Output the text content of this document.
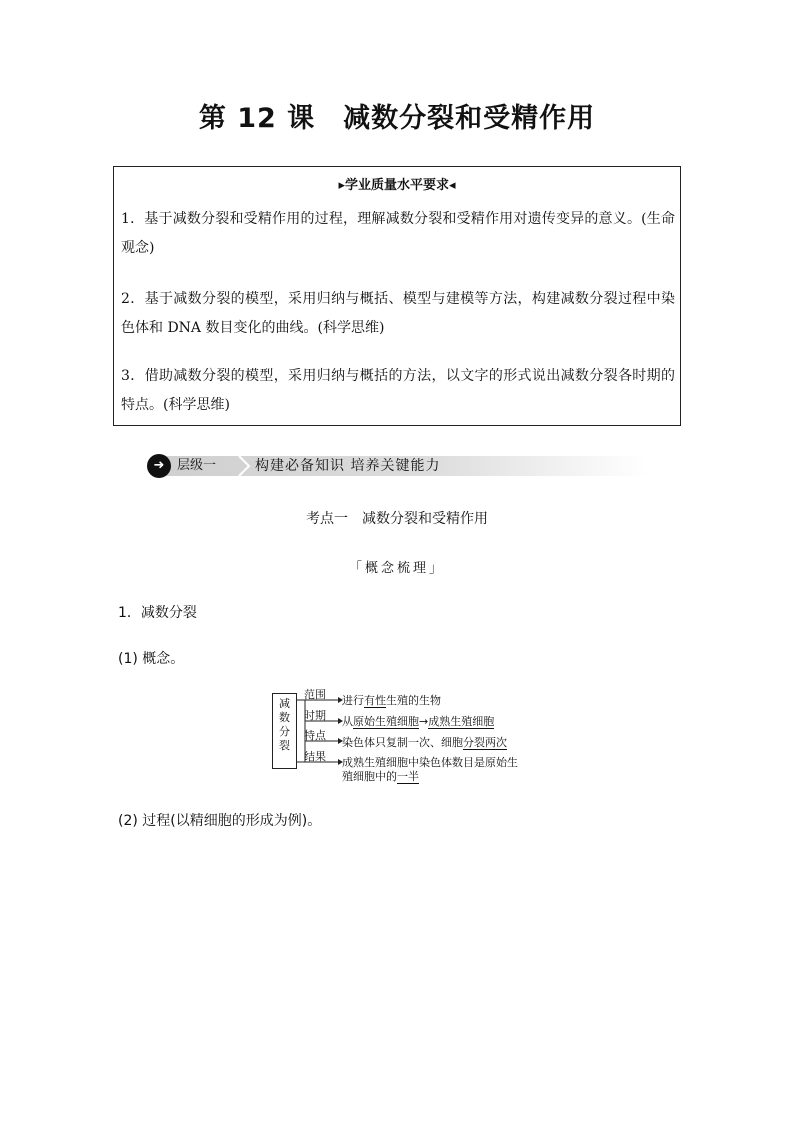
第 12 课　减数分裂和受精作用
▸学业质量水平要求◂
1．基于减数分裂和受精作用的过程，理解减数分裂和受精作用对遗传变异的意义。(生命观念)
2．基于减数分裂的模型，采用归纳与概括、模型与建模等方法，构建减数分裂过程中染色体和 DNA 数目变化的曲线。(科学思维)
3．借助减数分裂的模型，采用归纳与概括的方法，以文字的形式说出减数分裂各时期的特点。(科学思维)
➜ 层级一	构建必备知识 培养关键能力
考点一　减数分裂和受精作用
「概念梳理」
1．减数分裂
(1) 概念。
减数分裂
范围
时期
特点
结果
进行有性生殖的生物
从原始生殖细胞→成熟生殖细胞
染色体只复制一次、细胞分裂两次
成熟生殖细胞中染色体数目是原始生
殖细胞中的一半
(2) 过程(以精细胞的形成为例)。
